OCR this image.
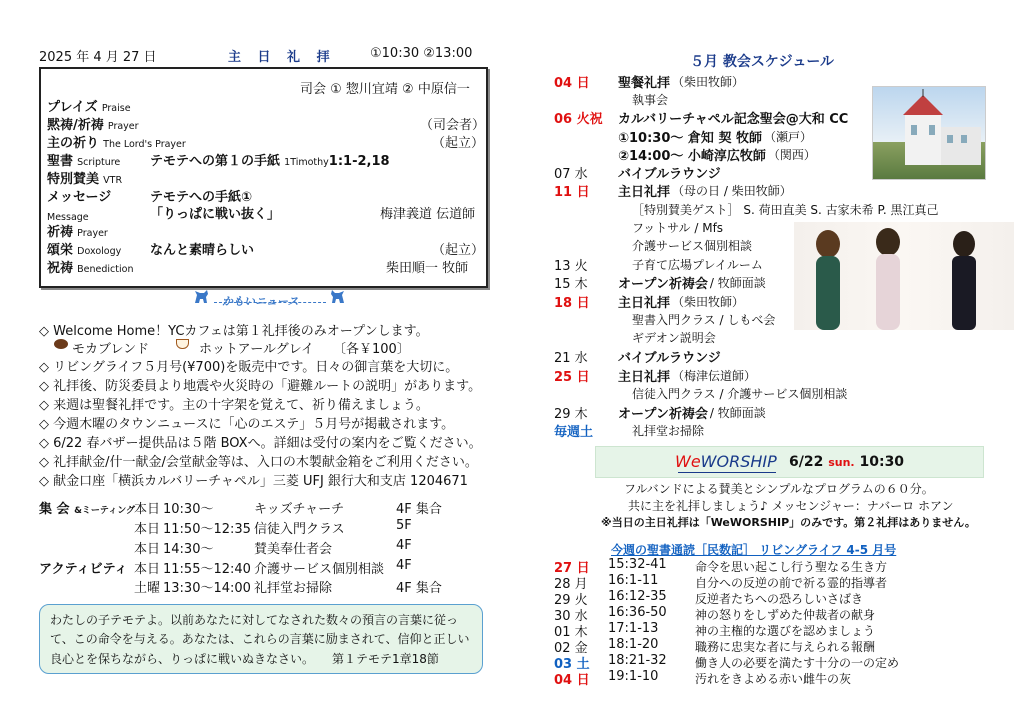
2025 年 4 月 27 日	主 日 礼 拝	①10:30 ②13:00
司会 ① 惣川宜靖 ② 中原信一
プレイズ Praise
黙祷/祈祷 Prayer	（司会者）
主の祈り The Lord's Prayer	（起立）
聖書 Scripture テモテへの第１の手紙 1Timothy1:1-2,18
特別賛美 VTR
メッセージ	テモテへの手紙①
Message	「りっぱに戦い抜く」	梅津義道 伝道師
祈祷 Prayer
頌栄 Doxology なんと素晴らしい	（起立）
祝祷 Benediction	柴田順一 牧師
かもいニュース
◇ Welcome Home！YCカフェは第１礼拝後のみオープンします。
モカブレンド	ホットアールグレイ 〔各￥100〕
◇ リビングライフ５月号(¥700)を販売中です。日々の御言葉を大切に。
◇ 礼拝後、防災委員より地震や火災時の「避難ルートの説明」があります。
◇ 来週は聖餐礼拝です。主の十字架を覚えて、祈り備えましょう。
◇ 今週木曜のタウンニュースに「心のエステ」５月号が掲載されます。
◇ 6/22 春バザー提供品は５階 BOXへ。詳細は受付の案内をご覧ください。
◇ 礼拝献金/什一献金/会堂献金等は、入口の木製献金箱をご利用ください。
◇ 献金口座「横浜カルバリーチャペル」三菱 UFJ 銀行大和支店 1204671
集 会 &ミーティング
アクティビティ
本日 10:30～	キッズチャーチ	4F 集合
本日 11:50～12:35 信徒入門クラス	5F
本日 14:30～	賛美奉仕者会	4F
本日 11:55～12:40 介護サービス個別相談 4F
土曜 13:30～14:00 礼拝堂お掃除	4F 集合
わたしの子テモテよ。以前あなたに対してなされた数々の預言の言葉に従っ
て、この命令を与える。あなたは、これらの言葉に励まされて、信仰と正しい
良心とを保ちながら、りっぱに戦いぬきなさい。 第１テモテ1章18節
５月 教会スケジュール
04 日 聖餐礼拝 （柴田牧師）
執事会
06 火祝 カルバリーチャペル記念聖会@大和 CC
①10:30～ 倉知 契 牧師 （瀬戸）
②14:00～ 小崎淳広牧師 （関西）
07 水 バイブルラウンジ
11 日 主日礼拝 （母の日 / 柴田牧師）
［特別賛美ゲスト］ S. 荷田直美 S. 古家未希 P. 黒江真己
フットサル / Mfs
介護サービス個別相談
13 火	子育て広場プレイルーム
15 木 オープン祈祷会 / 牧師面談
18 日 主日礼拝 （柴田牧師）
聖書入門クラス / しもべ会
ギデオン説明会
21 水 バイブルラウンジ
25 日 主日礼拝 （梅津伝道師）
信徒入門クラス / 介護サービス個別相談
29 木 オープン祈祷会 / 牧師面談
毎週土	礼拝堂お掃除
WeWORSHIP 6/22 sun. 10:30
フルバンドによる賛美とシンプルなプログラムの６０分。
共に主を礼拝しましょう♪ メッセンジャー：ナバーロ ホアン
※当日の主日礼拝は「WeWORSHIP」のみです。第２礼拝はありません。
今週の聖書通読［民数記］ リビングライフ 4-5 月号
27 日 15:32-41 命令を思い起こし行う聖なる生き方
28 月 16:1-11	自分への反逆の前で祈る霊的指導者
29 火 16:12-35 反逆者たちへの恐ろしいさばき
30 水 16:36-50 神の怒りをしずめた仲裁者の献身
01 木 17:1-13	神の主権的な選びを認めましょう
02 金 18:1-20	職務に忠実な者に与えられる報酬
03 土 18:21-32 働き人の必要を満たす十分の一の定め
04 日 19:1-10	汚れをきよめる赤い雌牛の灰
